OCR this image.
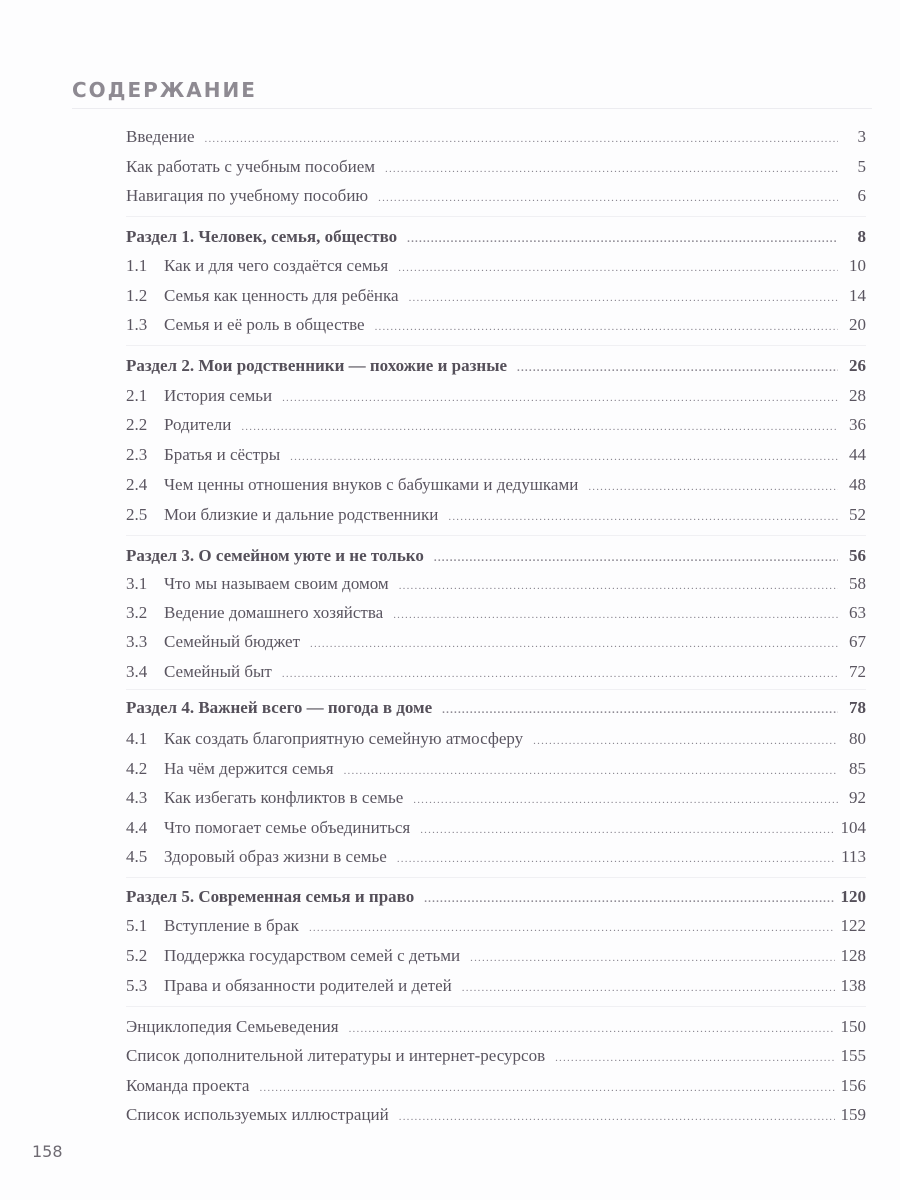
СОДЕРЖАНИЕ
Введение .....	3
Как работать с учебным пособием .....	5
Навигация по учебному пособию .....	6
Раздел 1. Человек, семья, общество .....	8
1.1 Как и для чего создаётся семья .....	10
1.2 Семья как ценность для ребёнка .....	14
1.3 Семья и её роль в обществе .....	20
Раздел 2. Мои родственники — похожие и разные .....	26
2.1 История семьи .....	28
2.2 Родители .....	36
2.3 Братья и сёстры .....	44
2.4 Чем ценны отношения внуков с бабушками и дедушками .....	48
2.5 Мои близкие и дальние родственники .....	52
Раздел 3. О семейном уюте и не только .....	56
3.1 Что мы называем своим домом .....	58
3.2 Ведение домашнего хозяйства .....	63
3.3 Семейный бюджет .....	67
3.4 Семейный быт .....	72
Раздел 4. Важней всего — погода в доме .....	78
4.1 Как создать благоприятную семейную атмосферу .....	80
4.2 На чём держится семья .....	85
4.3 Как избегать конфликтов в семье .....	92
4.4 Что помогает семье объединиться .....	104
4.5 Здоровый образ жизни в семье .....	113
Раздел 5. Современная семья и право .....	120
5.1 Вступление в брак .....	122
5.2 Поддержка государством семей с детьми .....	128
5.3 Права и обязанности родителей и детей .....	138
Энциклопедия Семьеведения .....	150
Список дополнительной литературы и интернет-ресурсов .....	155
Команда проекта .....	156
Список используемых иллюстраций .....	159
158
